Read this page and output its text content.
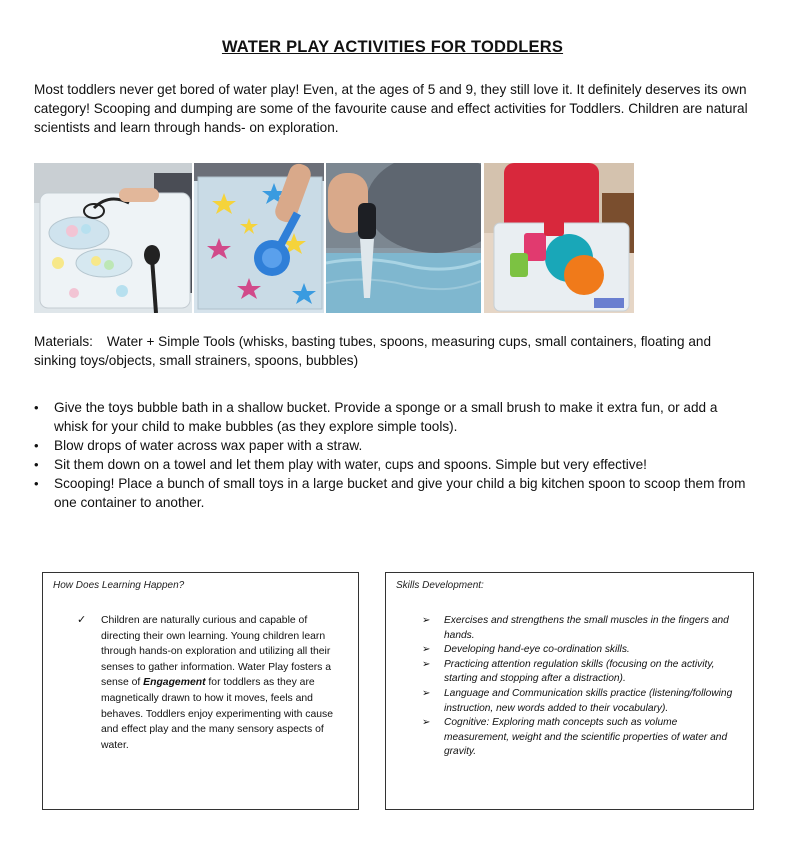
WATER PLAY ACTIVITIES FOR TODDLERS
Most toddlers never get bored of water play! Even, at the ages of 5 and 9, they still love it. It definitely deserves its own category! Scooping and dumping are some of the favourite cause and effect activities for Toddlers. Children are natural scientists and learn through hands- on exploration.
Materials: Water + Simple Tools (whisks, basting tubes, spoons, measuring cups, small containers, floating and sinking toys/objects, small strainers, spoons, bubbles)
• Give the toys bubble bath in a shallow bucket. Provide a sponge or a small brush to make it extra fun, or add a whisk for your child to make bubbles (as they explore simple tools).
• Blow drops of water across wax paper with a straw.
• Sit them down on a towel and let them play with water, cups and spoons. Simple but very effective!
• Scooping! Place a bunch of small toys in a large bucket and give your child a big kitchen spoon to scoop them from one container to another.
How Does Learning Happen?
✓ Children are naturally curious and capable of directing their own learning. Young children learn through hands-on exploration and utilizing all their senses to gather information. Water Play fosters a sense of Engagement for toddlers as they are magnetically drawn to how it moves, feels and behaves. Toddlers enjoy experimenting with cause and effect play and the many sensory aspects of water.
Skills Development:
➢ Exercises and strengthens the small muscles in the fingers and hands.
➢ Developing hand-eye co-ordination skills.
➢ Practicing attention regulation skills (focusing on the activity, starting and stopping after a distraction).
➢ Language and Communication skills practice (listening/following instruction, new words added to their vocabulary).
➢ Cognitive: Exploring math concepts such as volume measurement, weight and the scientific properties of water and gravity.
